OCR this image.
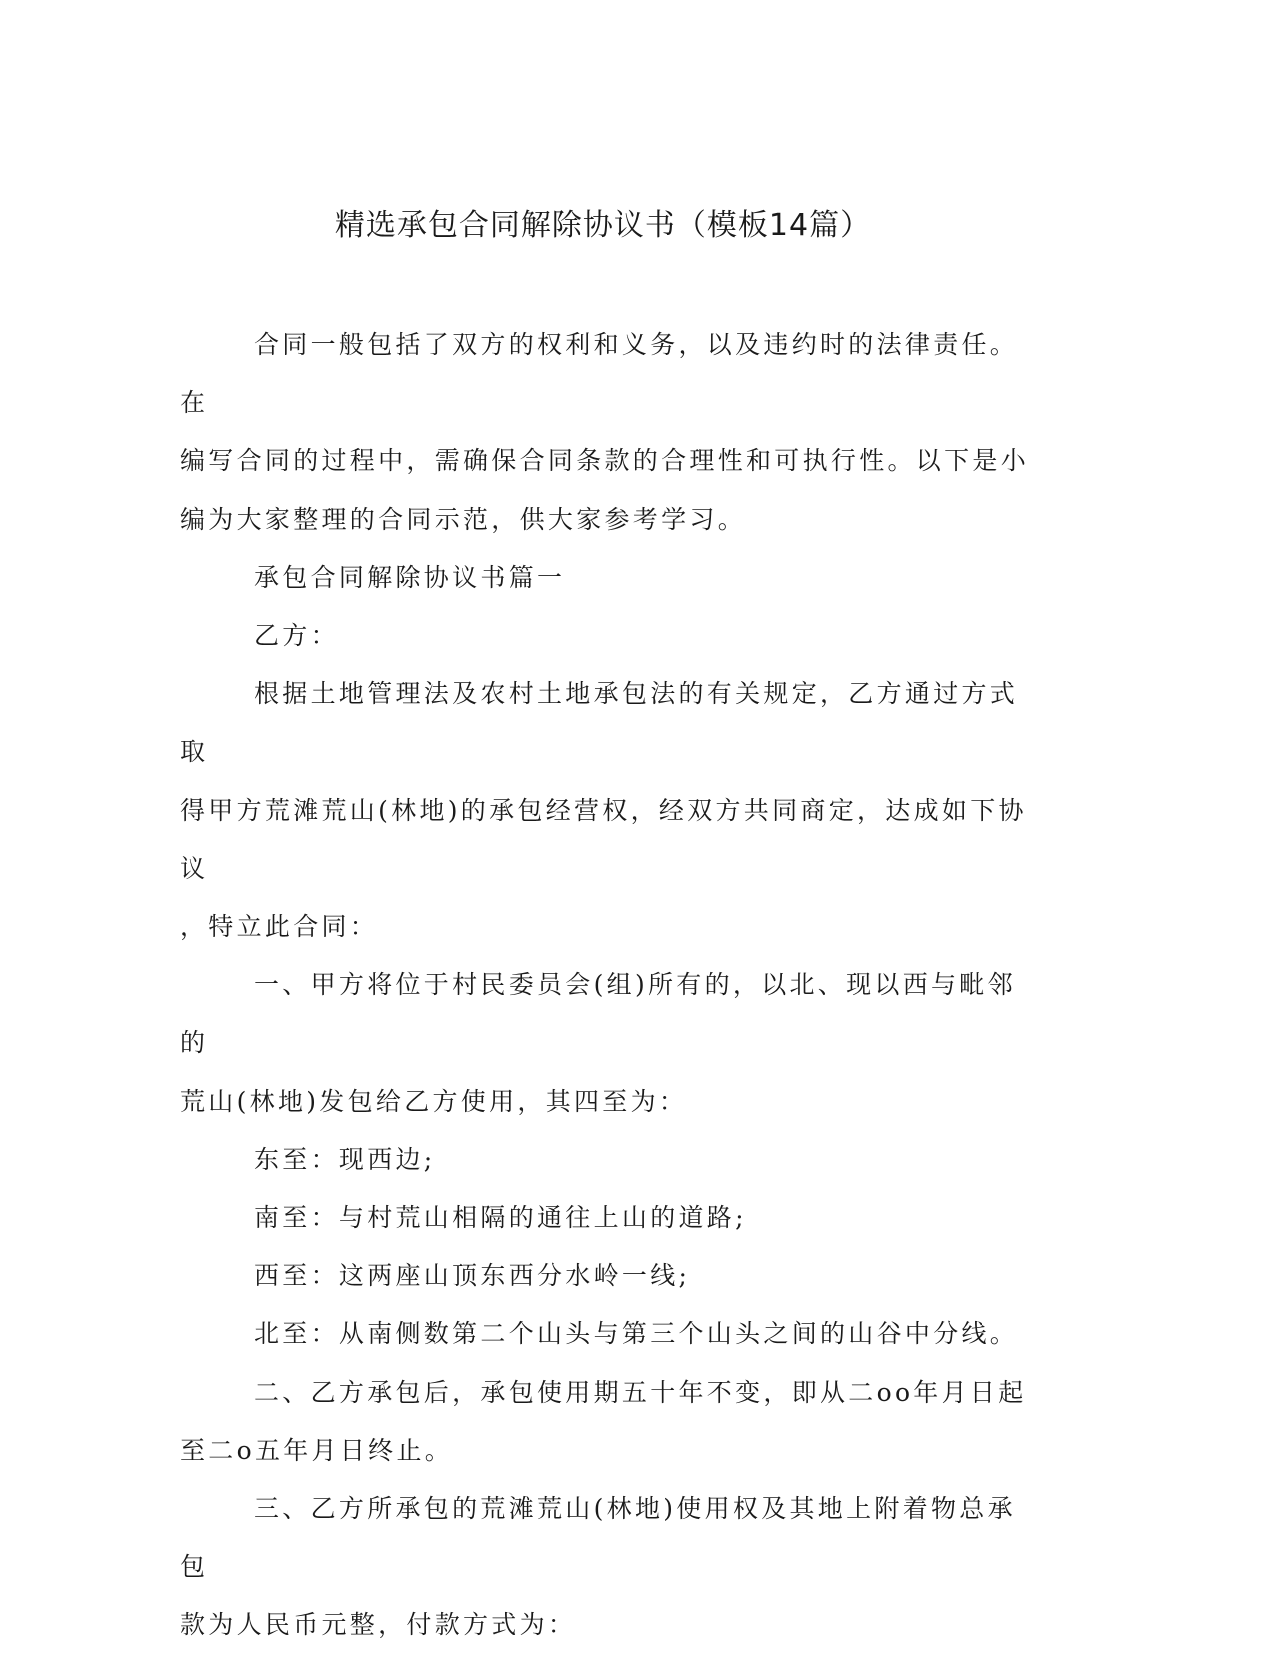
精选承包合同解除协议书（模板14篇）

合同一般包括了双方的权利和义务，以及违约时的法律责任。在

编写合同的过程中，需确保合同条款的合理性和可执行性。以下是小

编为大家整理的合同示范，供大家参考学习。

承包合同解除协议书篇一

乙方：

根据土地管理法及农村土地承包法的有关规定，乙方通过方式取

得甲方荒滩荒山(林地)的承包经营权，经双方共同商定，达成如下协议

，特立此合同：

一、甲方将位于村民委员会(组)所有的，以北、现以西与毗邻的

荒山(林地)发包给乙方使用，其四至为：

东至：现西边;

南至：与村荒山相隔的通往上山的道路;

西至：这两座山顶东西分水岭一线;

北至：从南侧数第二个山头与第三个山头之间的山谷中分线。

二、乙方承包后，承包使用期五十年不变，即从二oo年月日起

至二o五年月日终止。

三、乙方所承包的荒滩荒山(林地)使用权及其地上附着物总承包

款为人民币元整，付款方式为：
